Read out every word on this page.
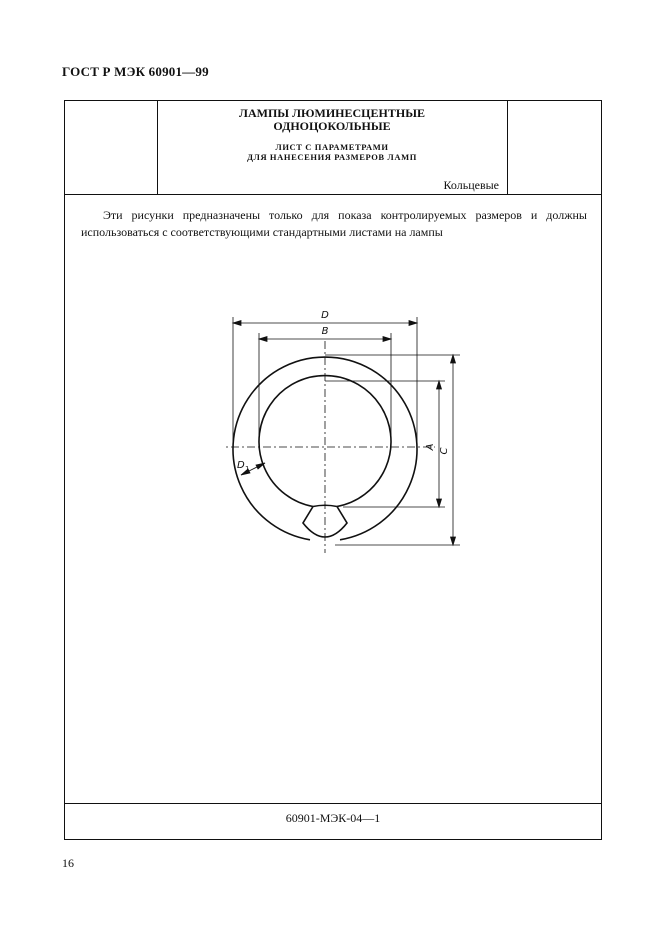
ГОСТ Р МЭК 60901—99
ЛАМПЫ ЛЮМИНЕСЦЕНТНЫЕ
ОДНОЦОКОЛЬНЫЕ
ЛИСТ С ПАРАМЕТРАМИ
ДЛЯ НАНЕСЕНИЯ РАЗМЕРОВ ЛАМП
Кольцевые
Эти рисунки предназначены только для показа контролируемых размеров и должны использоваться с соответствующими стандартными листами на лампы
D
B
A
C
D 1
60901-МЭК-04—1
16
